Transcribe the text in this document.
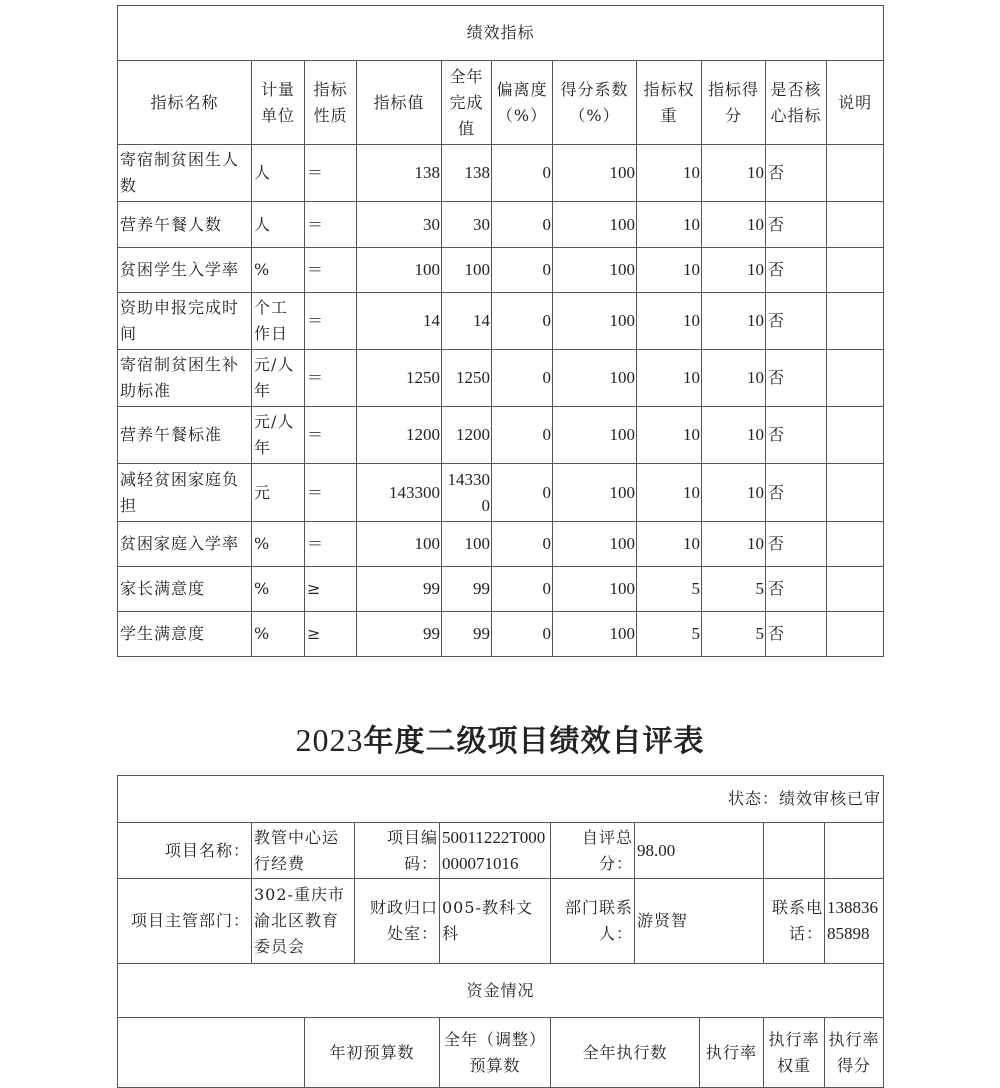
绩效指标										
指标名称	计量单位	指标性质	指标值	全年完成值	偏离度（%）	得分系数（%）	指标权重	指标得分	是否核心指标	说明
寄宿制贫困生人数	人	＝	138	138	0	100	10	10	否	
营养午餐人数	人	＝	30	30	0	100	10	10	否	
贫困学生入学率	%	＝	100	100	0	100	10	10	否	
资助申报完成时间	个工作日	＝	14	14	0	100	10	10	否	
寄宿制贫困生补助标准	元/人年	＝	1250	1250	0	100	10	10	否	
营养午餐标准	元/人年	＝	1200	1200	0	100	10	10	否	
减轻贫困家庭负担	元	＝	143300	143300	0	100	10	10	否	
贫困家庭入学率	%	＝	100	100	0	100	10	10	否	
家长满意度	%	≥	99	99	0	100	5	5	否	
学生满意度	%	≥	99	99	0	100	5	5	否	
2023年度二级项目绩效自评表
状态：绩效审核已审									
项目名称：	教管中心运行经费		项目编码：	50011222T000000071016	自评总分：	98.00			
项目主管部门：	302-重庆市渝北区教育委员会		财政归口处室：	005-教科文科	部门联系人：	游贤智		联系电话：	13883685898
资金情况									
		年初预算数		全年（调整）预算数	全年执行数		执行率	执行率权重	执行率得分
